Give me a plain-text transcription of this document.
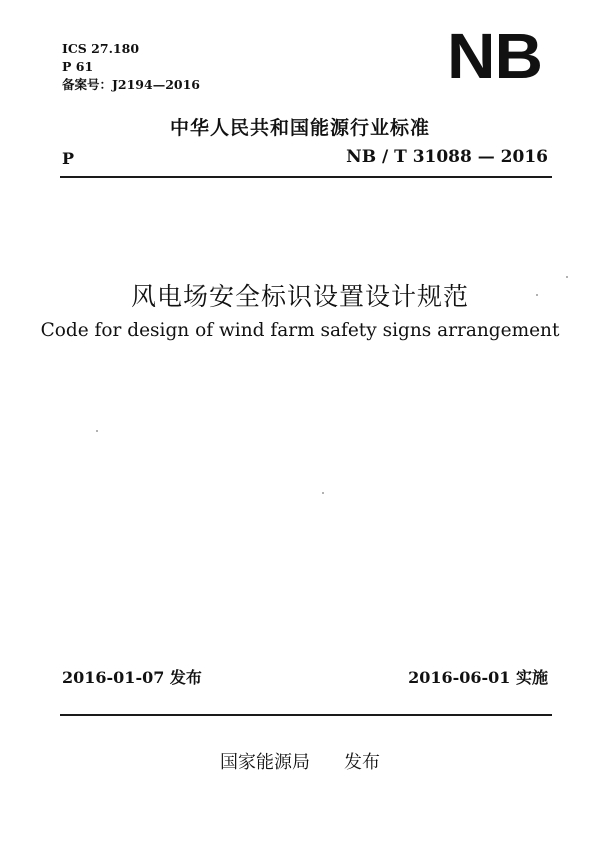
ICS 27.180
P 61
备案号：J2194—2016	NB
中华人民共和国能源行业标准
P	NB / T 31088 — 2016
风电场安全标识设置设计规范
Code for design of wind farm safety signs arrangement
2016-01-07 发布	2016-06-01 实施
国家能源局 发布
